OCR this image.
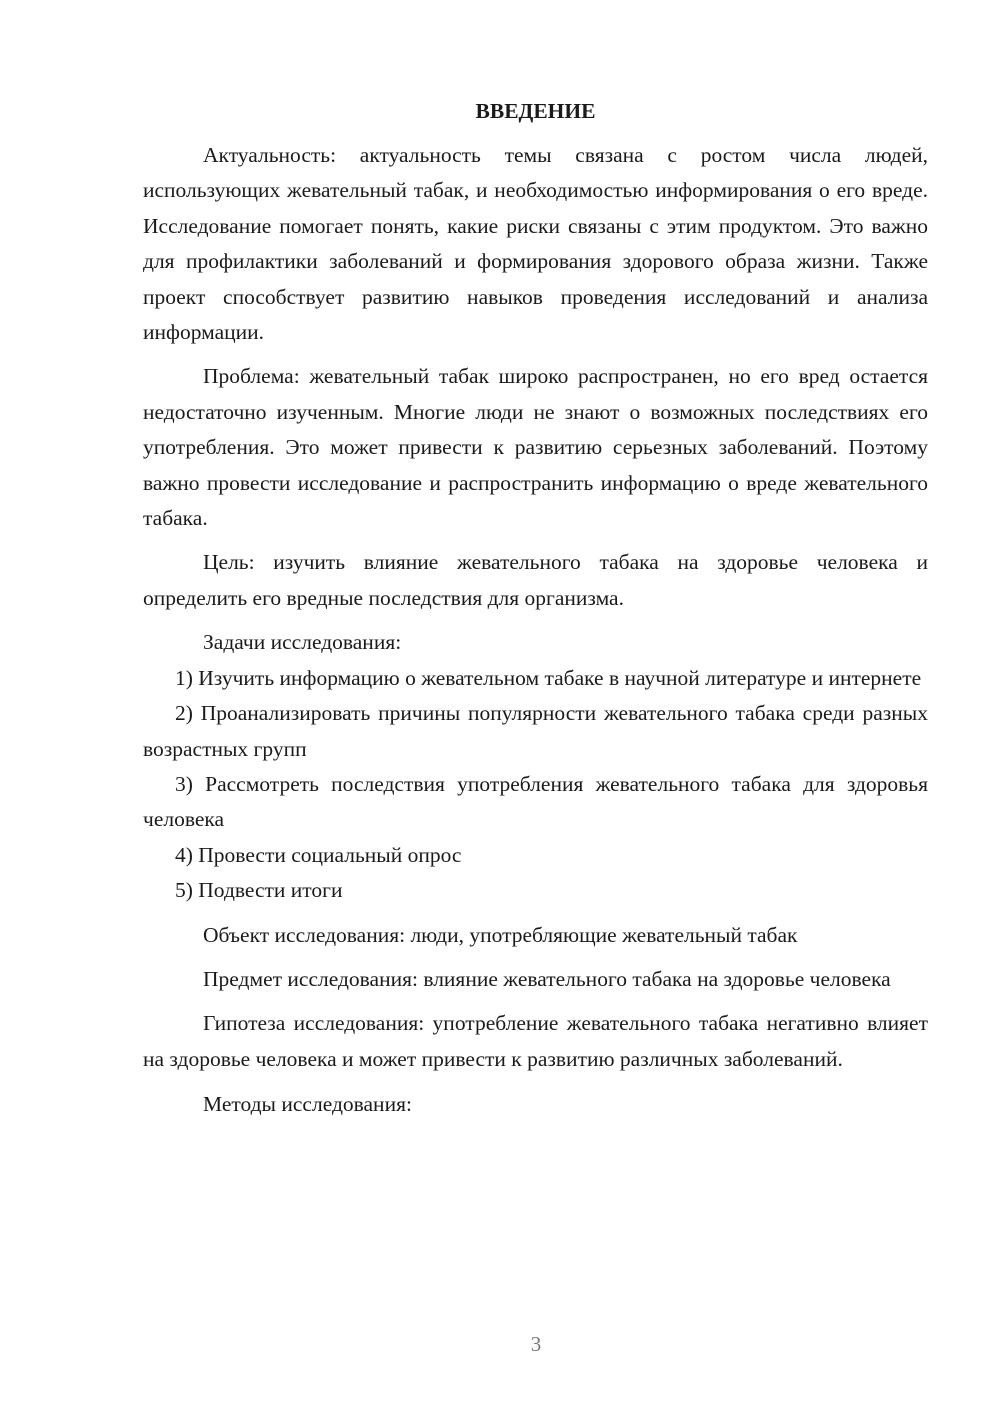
ВВЕДЕНИЕ

Актуальность: актуальность темы связана с ростом числа людей, использующих жевательный табак, и необходимостью информирования о его вреде. Исследование помогает понять, какие риски связаны с этим продуктом. Это важно для профилактики заболеваний и формирования здорового образа жизни. Также проект способствует развитию навыков проведения исследований и анализа информации.

Проблема: жевательный табак широко распространен, но его вред остается недостаточно изученным. Многие люди не знают о возможных последствиях его употребления. Это может привести к развитию серьезных заболеваний. Поэтому важно провести исследование и распространить информацию о вреде жевательного табака.

Цель: изучить влияние жевательного табака на здоровье человека и определить его вредные последствия для организма.

Задачи исследования:

1) Изучить информацию о жевательном табаке в научной литературе и интернете

2) Проанализировать причины популярности жевательного табака среди разных возрастных групп

3) Рассмотреть последствия употребления жевательного табака для здоровья человека

4) Провести социальный опрос

5) Подвести итоги

Объект исследования: люди, употребляющие жевательный табак

Предмет исследования: влияние жевательного табака на здоровье человека

Гипотеза исследования: употребление жевательного табака негативно влияет на здоровье человека и может привести к развитию различных заболеваний.

Методы исследования:

3
